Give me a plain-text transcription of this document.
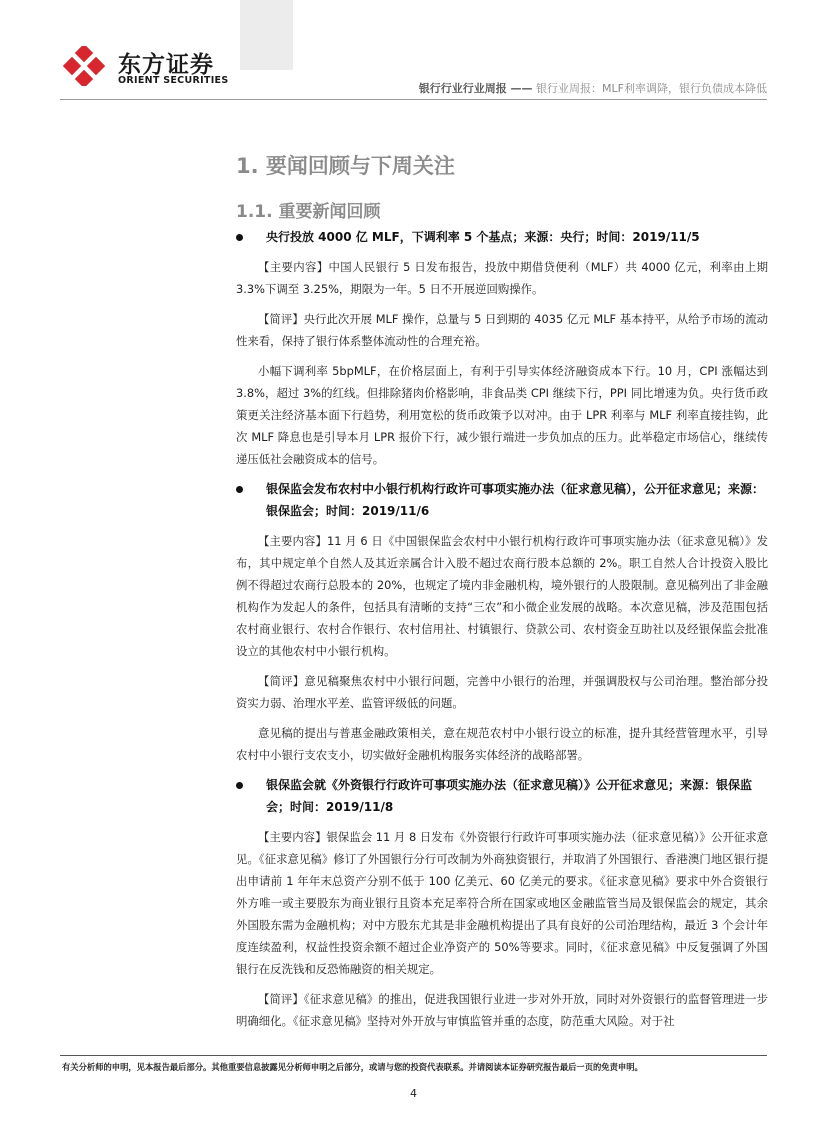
东方证券
ORIENT SECURITIES
银行行业行业周报 —— 银行业周报：MLF利率调降，银行负债成本降低
1. 要闻回顾与下周关注
1.1. 重要新闻回顾
央行投放 4000 亿 MLF，下调利率 5 个基点；来源：央行；时间：2019/11/5

【主要内容】中国人民银行 5 日发布报告，投放中期借贷便利（MLF）共 4000 亿元，利率由上期 3.3%下调至 3.25%，期限为一年。5 日不开展逆回购操作。

【简评】央行此次开展 MLF 操作，总量与 5 日到期的 4035 亿元 MLF 基本持平，从给予市场的流动性来看，保持了银行体系整体流动性的合理充裕。

小幅下调利率 5bpMLF，在价格层面上，有利于引导实体经济融资成本下行。10 月，CPI 涨幅达到 3.8%，超过 3%的红线。但排除猪肉价格影响，非食品类 CPI 继续下行，PPI 同比增速为负。央行货币政策更关注经济基本面下行趋势，利用宽松的货币政策予以对冲。由于 LPR 利率与 MLF 利率直接挂钩，此次 MLF 降息也是引导本月 LPR 报价下行，减少银行端进一步负加点的压力。此举稳定市场信心，继续传递压低社会融资成本的信号。

银保监会发布农村中小银行机构行政许可事项实施办法（征求意见稿），公开征求意见；来源：银保监会；时间：2019/11/6

【主要内容】11 月 6 日《中国银保监会农村中小银行机构行政许可事项实施办法（征求意见稿）》发布，其中规定单个自然人及其近亲属合计入股不超过农商行股本总额的 2%。职工自然人合计投资入股比例不得超过农商行总股本的 20%，也规定了境内非金融机构，境外银行的人股限制。意见稿列出了非金融机构作为发起人的条件，包括具有清晰的支持“三农”和小微企业发展的战略。本次意见稿，涉及范围包括农村商业银行、农村合作银行、农村信用社、村镇银行、贷款公司、农村资金互助社以及经银保监会批准设立的其他农村中小银行机构。

【简评】意见稿聚焦农村中小银行问题，完善中小银行的治理，并强调股权与公司治理。整治部分投资实力弱、治理水平差、监管评级低的问题。

意见稿的提出与普惠金融政策相关，意在规范农村中小银行设立的标准，提升其经营管理水平，引导农村中小银行支农支小，切实做好金融机构服务实体经济的战略部署。

银保监会就《外资银行行政许可事项实施办法（征求意见稿）》公开征求意见；来源：银保监会；时间：2019/11/8

【主要内容】银保监会 11 月 8 日发布《外资银行行政许可事项实施办法（征求意见稿）》公开征求意见。《征求意见稿》修订了外国银行分行可改制为外商独资银行，并取消了外国银行、香港澳门地区银行提出申请前 1 年年末总资产分别不低于 100 亿美元、60 亿美元的要求。《征求意见稿》要求中外合资银行外方唯一或主要股东为商业银行且资本充足率符合所在国家或地区金融监管当局及银保监会的规定，其余外国股东需为金融机构；对中方股东尤其是非金融机构提出了具有良好的公司治理结构，最近 3 个会计年度连续盈利，权益性投资余额不超过企业净资产的 50%等要求。同时，《征求意见稿》中反复强调了外国银行在反洗钱和反恐怖融资的相关规定。

【简评】《征求意见稿》的推出，促进我国银行业进一步对外开放，同时对外资银行的监督管理进一步明确细化。《征求意见稿》坚持对外开放与审慎监管并重的态度，防范重大风险。对于社

有关分析师的申明，见本报告最后部分。其他重要信息披露见分析师申明之后部分，或请与您的投资代表联系。并请阅读本证券研究报告最后一页的免责申明。
4
